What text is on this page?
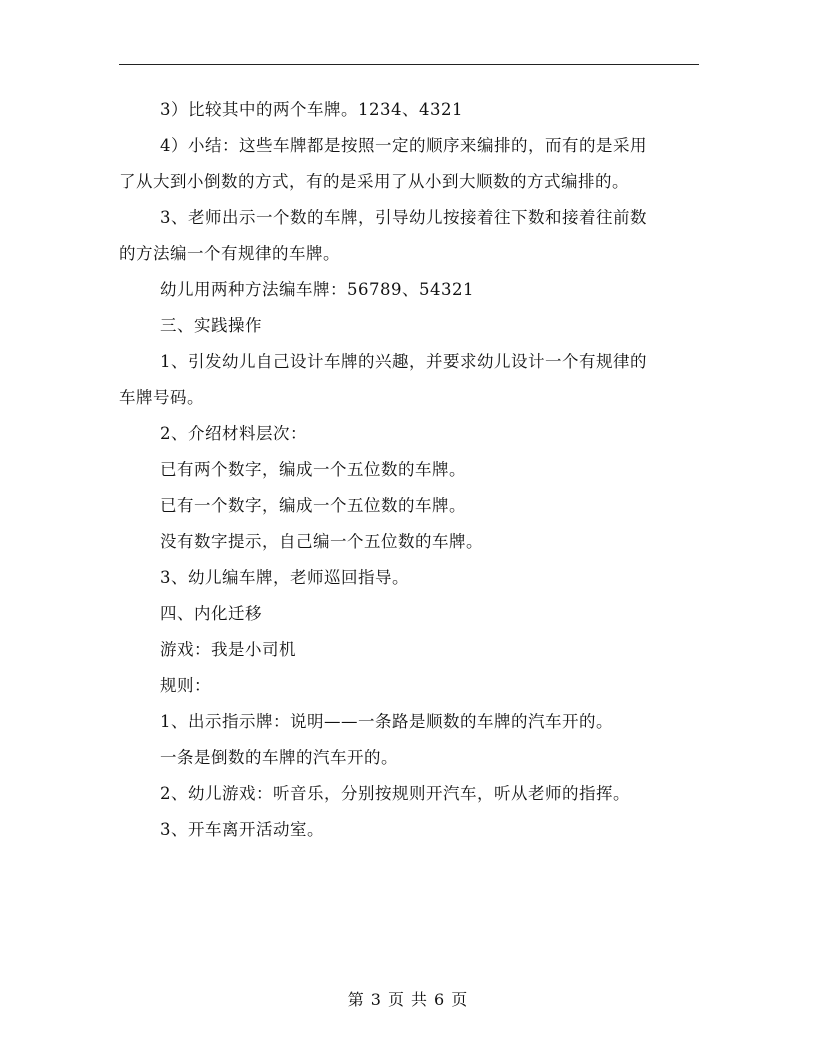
3）比较其中的两个车牌。1234、4321
4）小结：这些车牌都是按照一定的顺序来编排的，而有的是采用
了从大到小倒数的方式，有的是采用了从小到大顺数的方式编排的。
3、老师出示一个数的车牌，引导幼儿按接着往下数和接着往前数
的方法编一个有规律的车牌。
幼儿用两种方法编车牌：56789、54321
三、实践操作
1、引发幼儿自己设计车牌的兴趣，并要求幼儿设计一个有规律的
车牌号码。
2、介绍材料层次：
已有两个数字，编成一个五位数的车牌。
已有一个数字，编成一个五位数的车牌。
没有数字提示，自己编一个五位数的车牌。
3、幼儿编车牌，老师巡回指导。
四、内化迁移
游戏：我是小司机
规则：
1、出示指示牌：说明——一条路是顺数的车牌的汽车开的。
一条是倒数的车牌的汽车开的。
2、幼儿游戏：听音乐，分别按规则开汽车，听从老师的指挥。
3、开车离开活动室。
第 3 页 共 6 页
